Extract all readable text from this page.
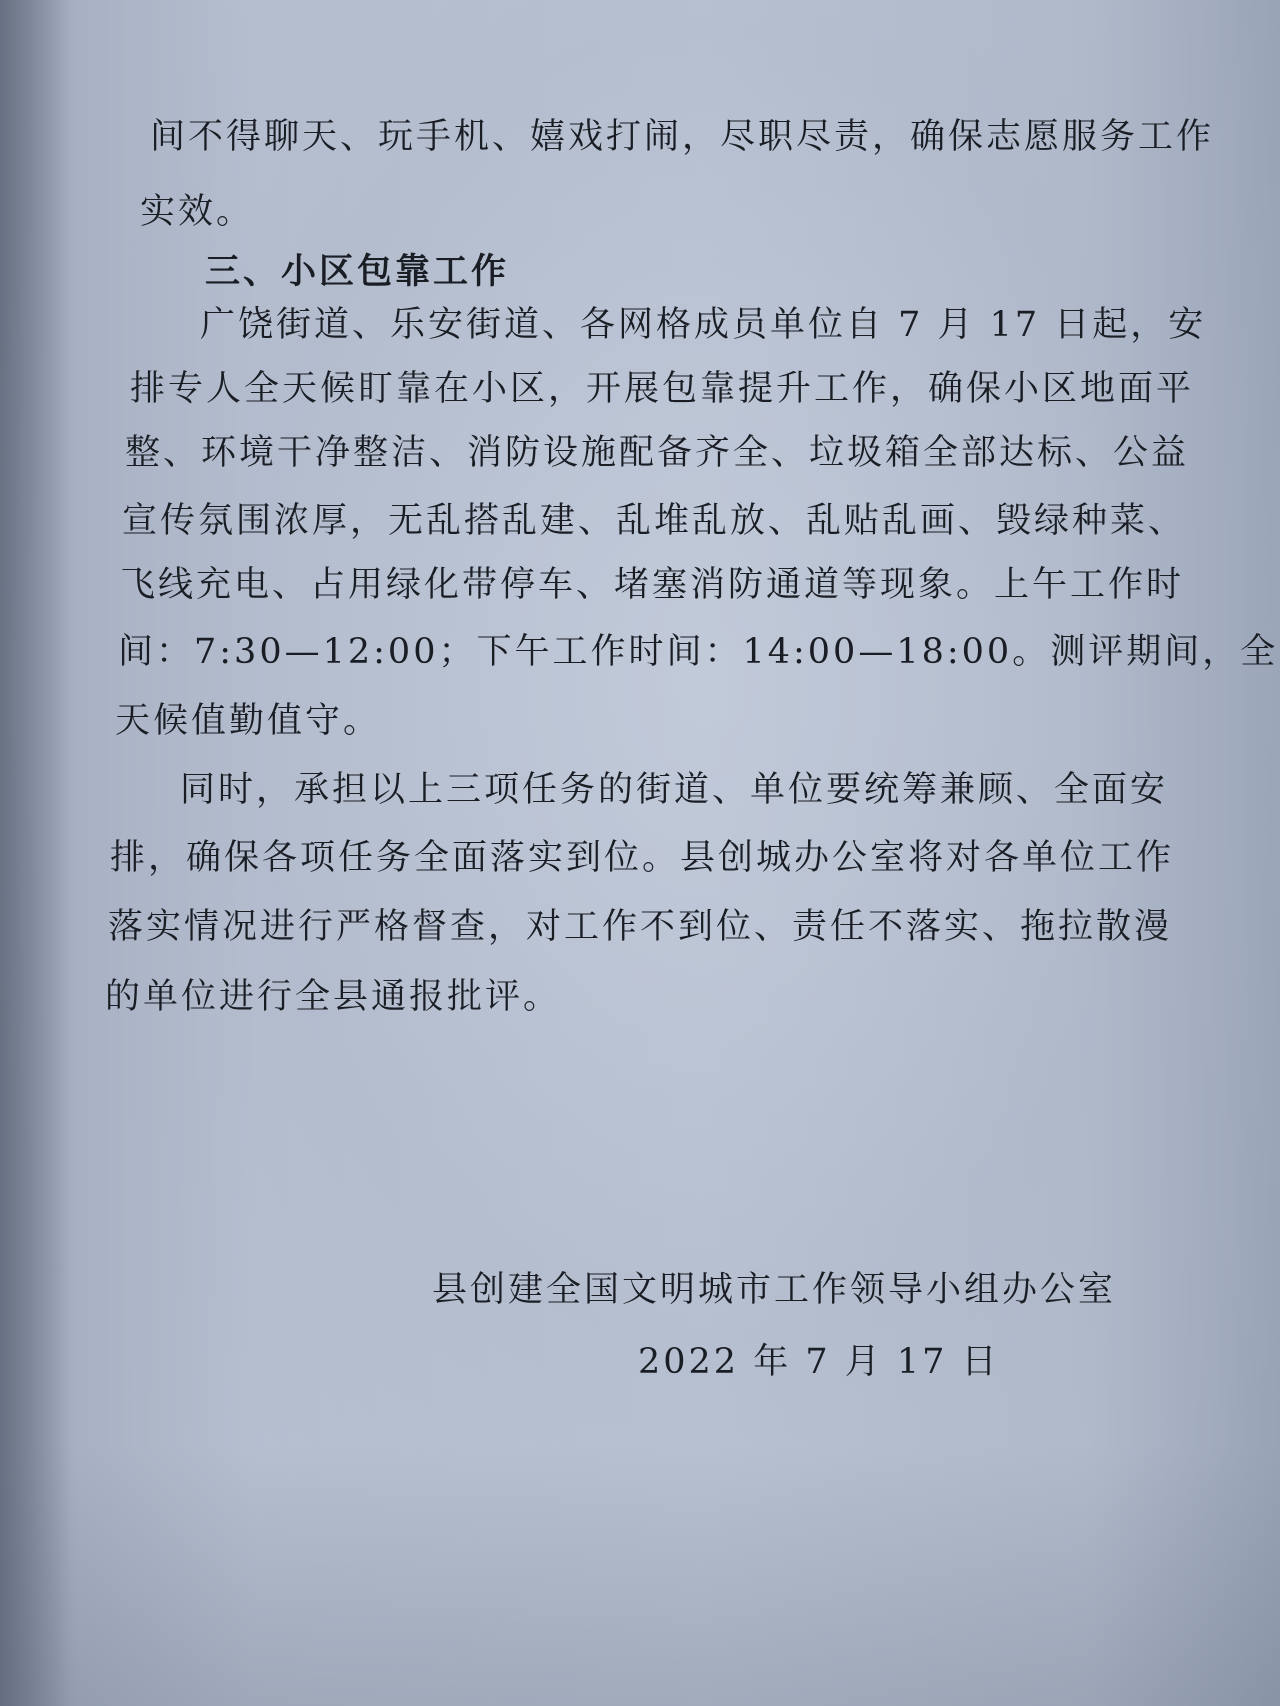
间不得聊天、玩手机、嬉戏打闹，尽职尽责，确保志愿服务工作
实效。
三、小区包靠工作
广饶街道、乐安街道、各网格成员单位自 7 月 17 日起，安
排专人全天候盯靠在小区，开展包靠提升工作，确保小区地面平
整、环境干净整洁、消防设施配备齐全、垃圾箱全部达标、公益
宣传氛围浓厚，无乱搭乱建、乱堆乱放、乱贴乱画、毁绿种菜、
飞线充电、占用绿化带停车、堵塞消防通道等现象。上午工作时
间：7:30—12:00；下午工作时间：14:00—18:00。测评期间，全
天候值勤值守。
同时，承担以上三项任务的街道、单位要统筹兼顾、全面安
排，确保各项任务全面落实到位。县创城办公室将对各单位工作
落实情况进行严格督查，对工作不到位、责任不落实、拖拉散漫
的单位进行全县通报批评。
县创建全国文明城市工作领导小组办公室
2022 年 7 月 17 日
